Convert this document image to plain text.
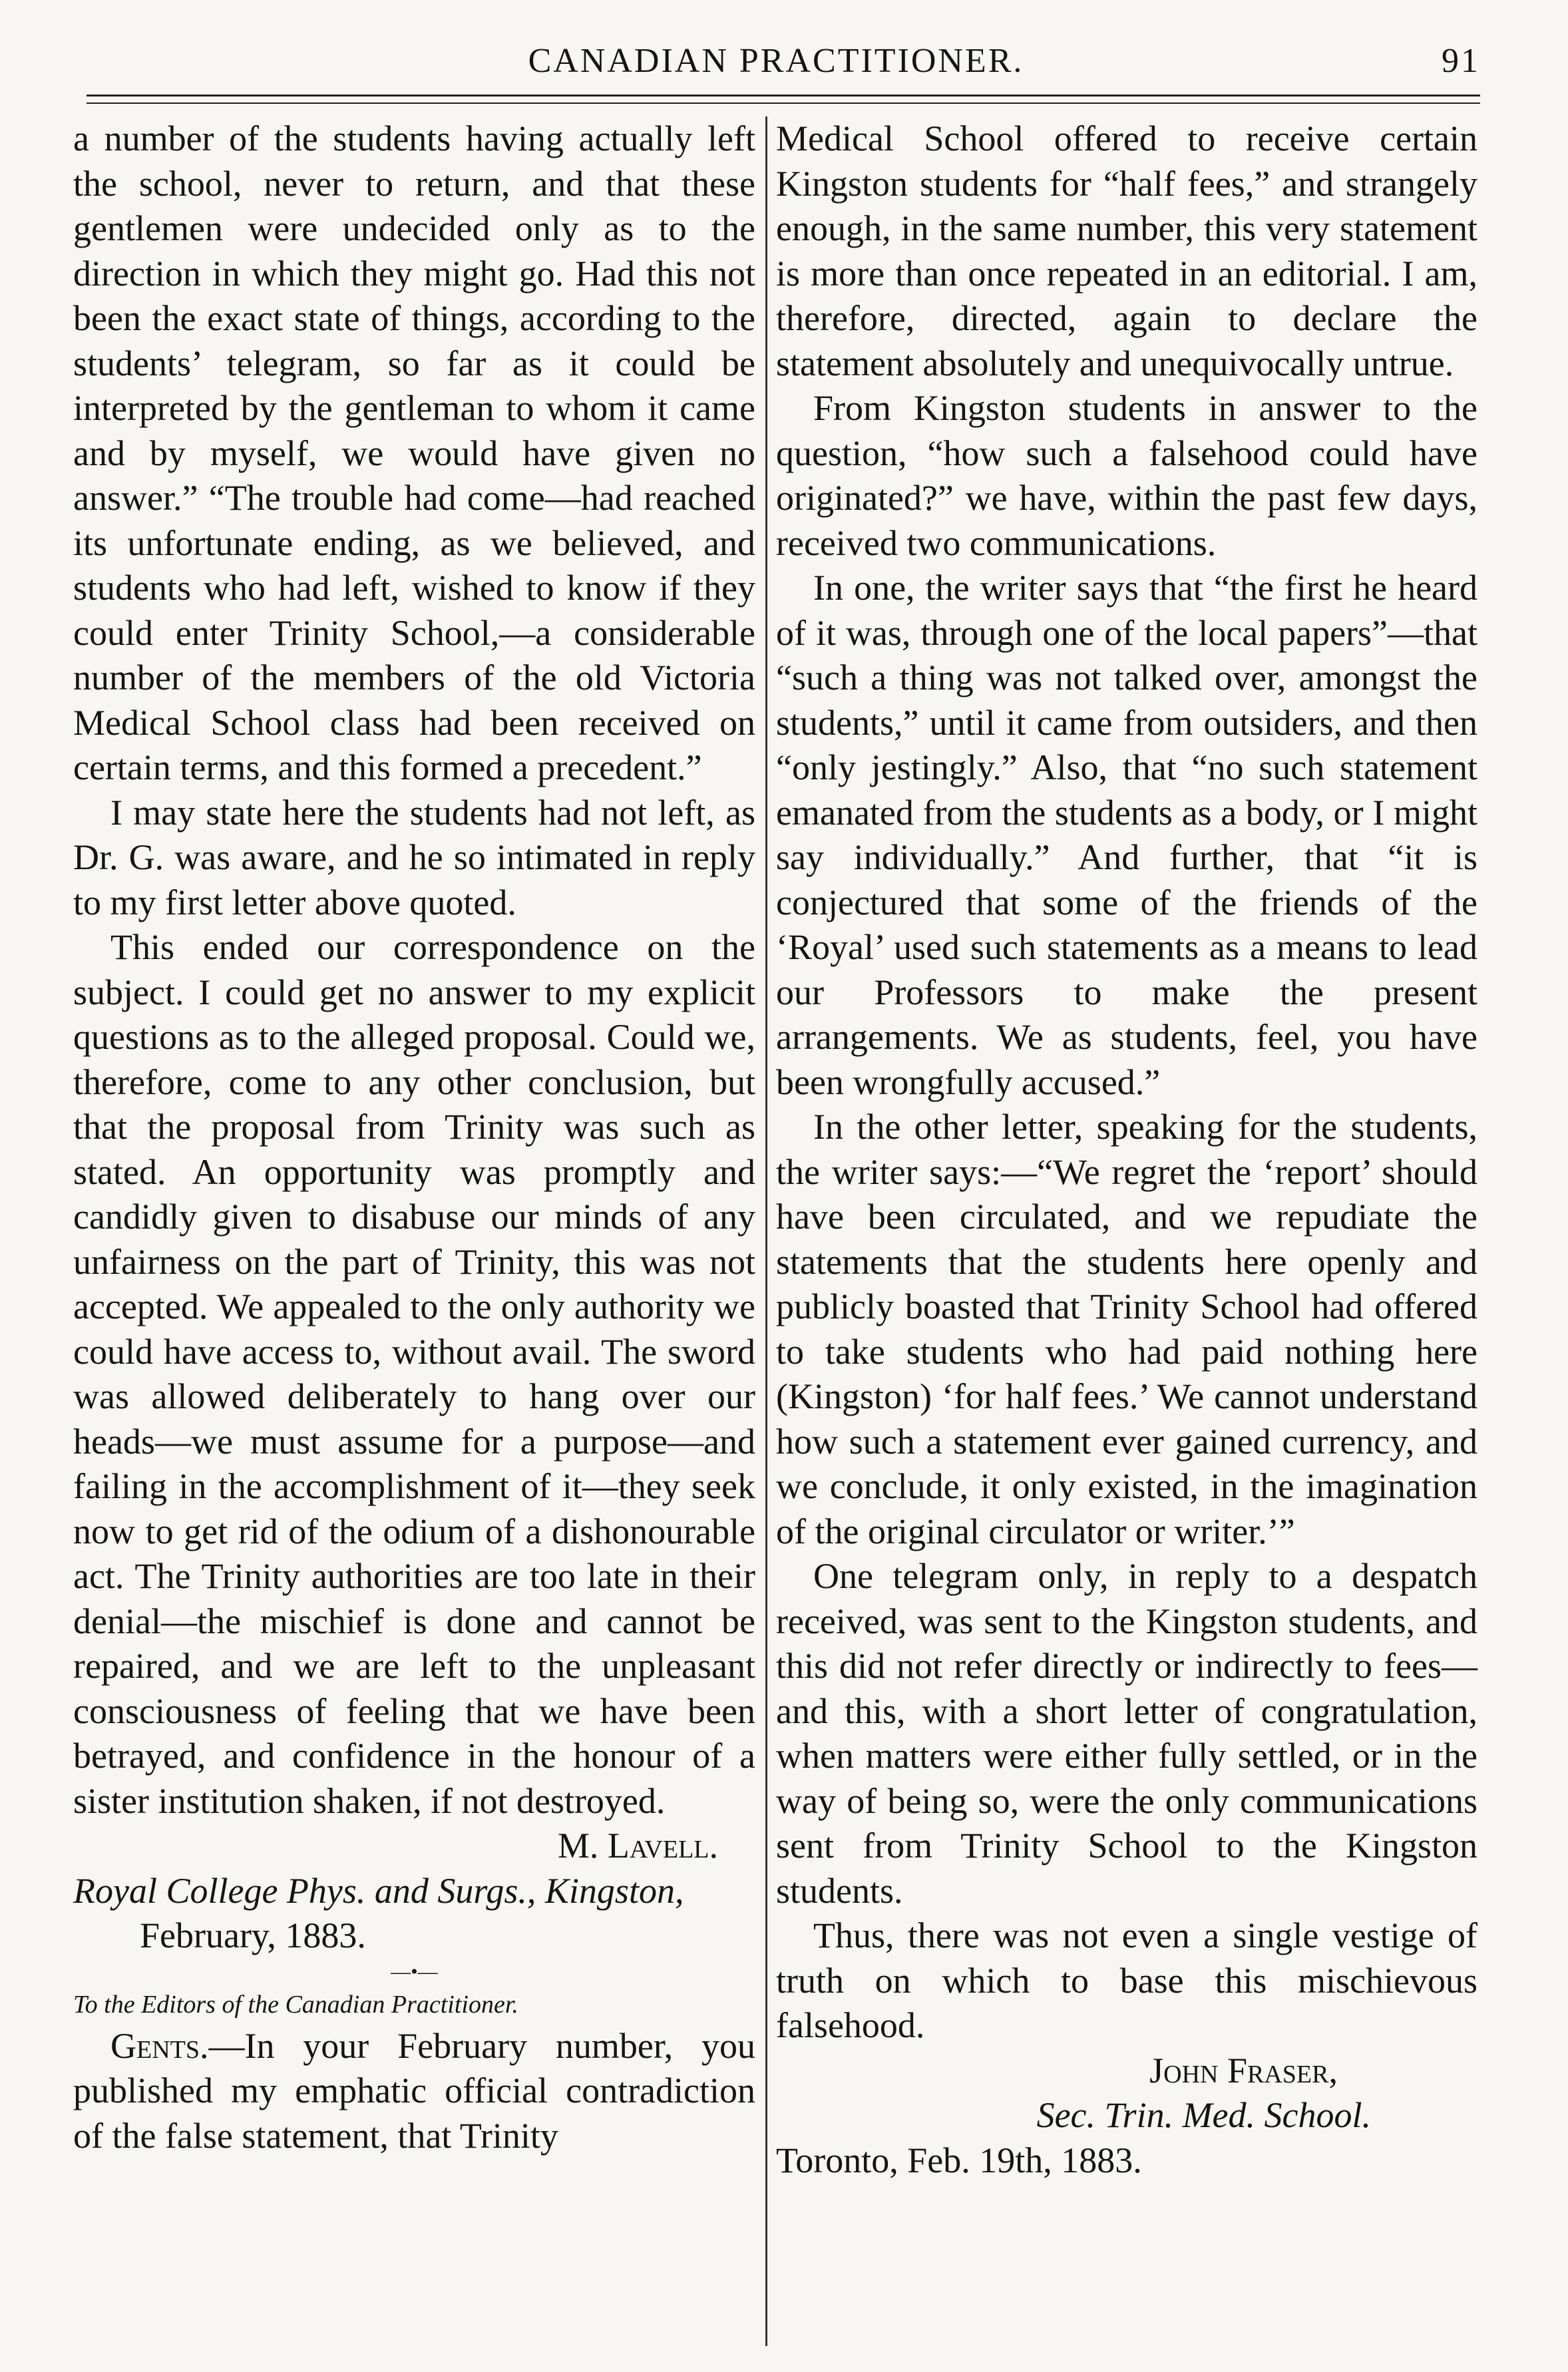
CANADIAN PRACTITIONER.	91

a number of the students having actually left the school, never to return, and that these gentlemen were undecided only as to the direction in which they might go. Had this not been the exact state of things, according to the students’ telegram, so far as it could be interpreted by the gentleman to whom it came and by myself, we would have given no answer.” “The trouble had come—had reached its unfortunate ending, as we believed, and students who had left, wished to know if they could enter Trinity School,—a considerable number of the members of the old Victoria Medical School class had been received on certain terms, and this formed a precedent.”

I may state here the students had not left, as Dr. G. was aware, and he so intimated in reply to my first letter above quoted.

This ended our correspondence on the subject. I could get no answer to my explicit questions as to the alleged proposal. Could we, therefore, come to any other conclusion, but that the proposal from Trinity was such as stated. An opportunity was promptly and candidly given to disabuse our minds of any unfairness on the part of Trinity, this was not accepted. We appealed to the only authority we could have access to, without avail. The sword was allowed deliberately to hang over our heads—we must assume for a purpose—and failing in the accomplishment of it—they seek now to get rid of the odium of a dishonourable act. The Trinity authorities are too late in their denial—the mischief is done and cannot be repaired, and we are left to the unpleasant consciousness of feeling that we have been betrayed, and confidence in the honour of a sister institution shaken, if not destroyed.

M. Lavell.

Royal College Phys. and Surgs., Kingston,

February, 1883.

—•—

To the Editors of the Canadian Practitioner.

Gents.—In your February number, you published my emphatic official contradiction of the false statement, that Trinity

Medical School offered to receive certain Kingston students for “half fees,” and strangely enough, in the same number, this very statement is more than once repeated in an editorial. I am, therefore, directed, again to declare the statement absolutely and unequivocally untrue.

From Kingston students in answer to the question, “how such a falsehood could have originated?” we have, within the past few days, received two communications.

In one, the writer says that “the first he heard of it was, through one of the local papers”—that “such a thing was not talked over, amongst the students,” until it came from outsiders, and then “only jestingly.” Also, that “no such statement emanated from the students as a body, or I might say individually.” And further, that “it is conjectured that some of the friends of the ‘Royal’ used such statements as a means to lead our Professors to make the present arrangements. We as students, feel, you have been wrongfully accused.”

In the other letter, speaking for the students, the writer says:—“We regret the ‘report’ should have been circulated, and we repudiate the statements that the students here openly and publicly boasted that Trinity School had offered to take students who had paid nothing here (Kingston) ‘for half fees.’ We cannot understand how such a statement ever gained currency, and we conclude, it only existed, in the imagination of the original circulator or writer.’”

One telegram only, in reply to a despatch received, was sent to the Kingston students, and this did not refer directly or indirectly to fees—and this, with a short letter of congratulation, when matters were either fully settled, or in the way of being so, were the only communications sent from Trinity School to the Kingston students.

Thus, there was not even a single vestige of truth on which to base this mischievous falsehood.

John Fraser,

Sec. Trin. Med. School.

Toronto, Feb. 19th, 1883.
